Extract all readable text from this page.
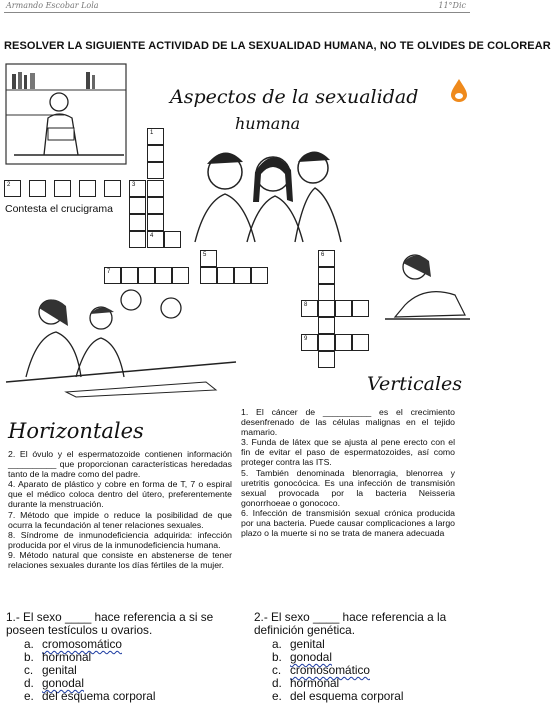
Armando Escobar Lola	11°Dic
RESOLVER LA SIGUIENTE ACTIVIDAD DE LA SEXUALIDAD HUMANA, NO TE OLVIDES DE COLOREAR
Aspectos de la sexualidad
humana
Contesta el crucigrama
2	3
1
4
5	6
7
8
9
Verticales
Horizontales
1. El cáncer de __________ es el crecimiento desenfrenado de las células malignas en el tejido mamario.
3. Funda de látex que se ajusta al pene erecto con el fin de evitar el paso de espermatozoides, así como proteger contra las ITS.
5. También denominada blenorragia, blenorrea y uretritis gonocócica. Es una infección de transmisión sexual provocada por la bacteria Neisseria gonorrhoeae o gonococo.
6. Infección de transmisión sexual crónica producida por una bacteria. Puede causar complicaciones a largo plazo o la muerte si no se trata de manera adecuada
2. El óvulo y el espermatozoide contienen información __________ que proporcionan características heredadas tanto de la madre como del padre.
4. Aparato de plástico y cobre en forma de T, 7 o espiral que el médico coloca dentro del útero, preferentemente durante la menstruación.
7. Método que impide o reduce la posibilidad de que ocurra la fecundación al tener relaciones sexuales.
8. Síndrome de inmunodeficiencia adquirida: infección producida por el virus de la inmunodeficiencia humana.
9. Método natural que consiste en abstenerse de tener relaciones sexuales durante los días fértiles de la mujer.
1.- El sexo ____ hace referencia a si se poseen testículos u ovarios.
a. cromosomático
b. hormonal
c. genital
d. gonodal
e. del esquema corporal
2.- El sexo ____ hace referencia a la definición genética.
a. genital
b. gonodal
c. cromosomático
d. hormonal
e. del esquema corporal
